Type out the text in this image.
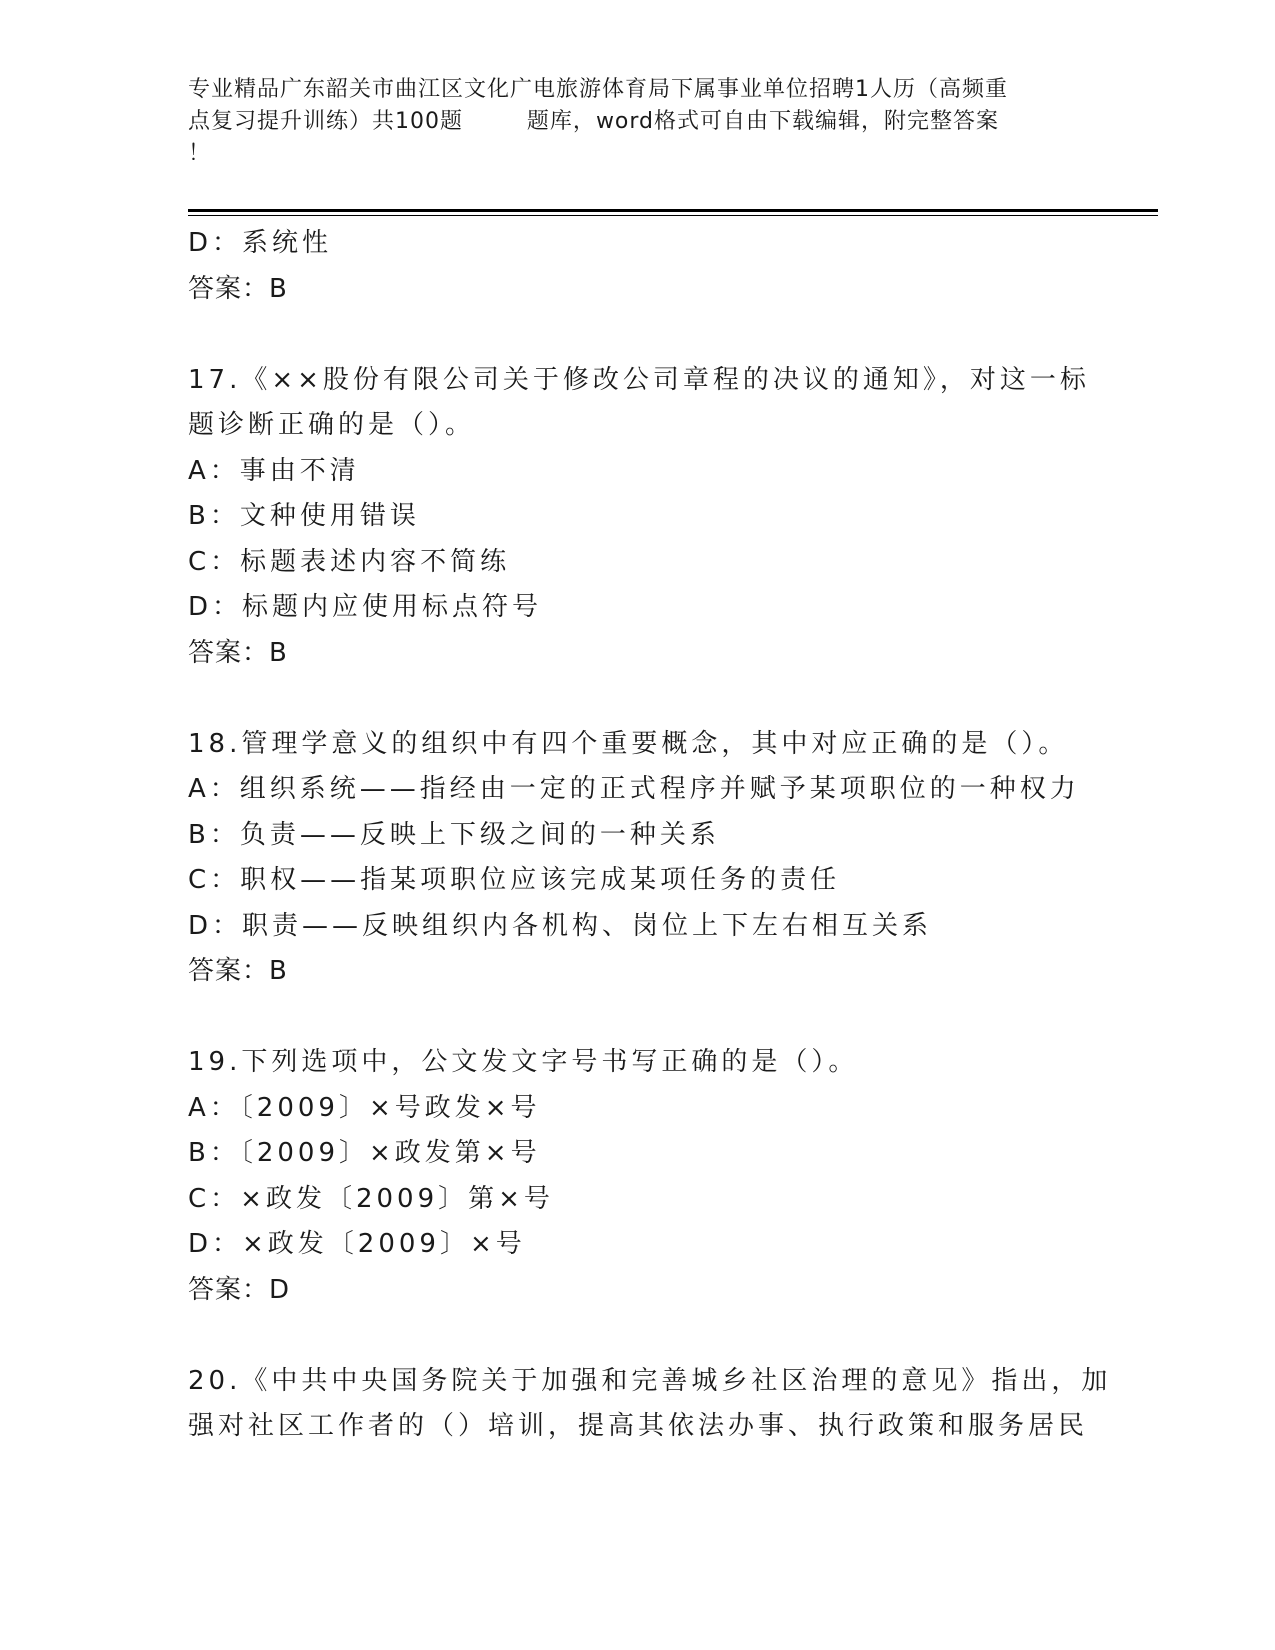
专业精品广东韶关市曲江区文化广电旅游体育局下属事业单位招聘1人历（高频重
点复习提升训练）共100题        题库，word格式可自由下载编辑，附完整答案
！
D：系统性
答案：B
17.《××股份有限公司关于修改公司章程的决议的通知》，对这一标
题诊断正确的是（）。
A：事由不清
B：文种使用错误
C：标题表述内容不简练
D：标题内应使用标点符号
答案：B
18.管理学意义的组织中有四个重要概念，其中对应正确的是（）。
A：组织系统——指经由一定的正式程序并赋予某项职位的一种权力
B：负责——反映上下级之间的一种关系
C：职权——指某项职位应该完成某项任务的责任
D：职责——反映组织内各机构、岗位上下左右相互关系
答案：B
19.下列选项中，公文发文字号书写正确的是（）。
A：〔2009〕×号政发×号
B：〔2009〕×政发第×号
C：×政发〔2009〕第×号
D：×政发〔2009〕×号
答案：D
20.《中共中央国务院关于加强和完善城乡社区治理的意见》指出，加
强对社区工作者的（）培训，提高其依法办事、执行政策和服务居民
